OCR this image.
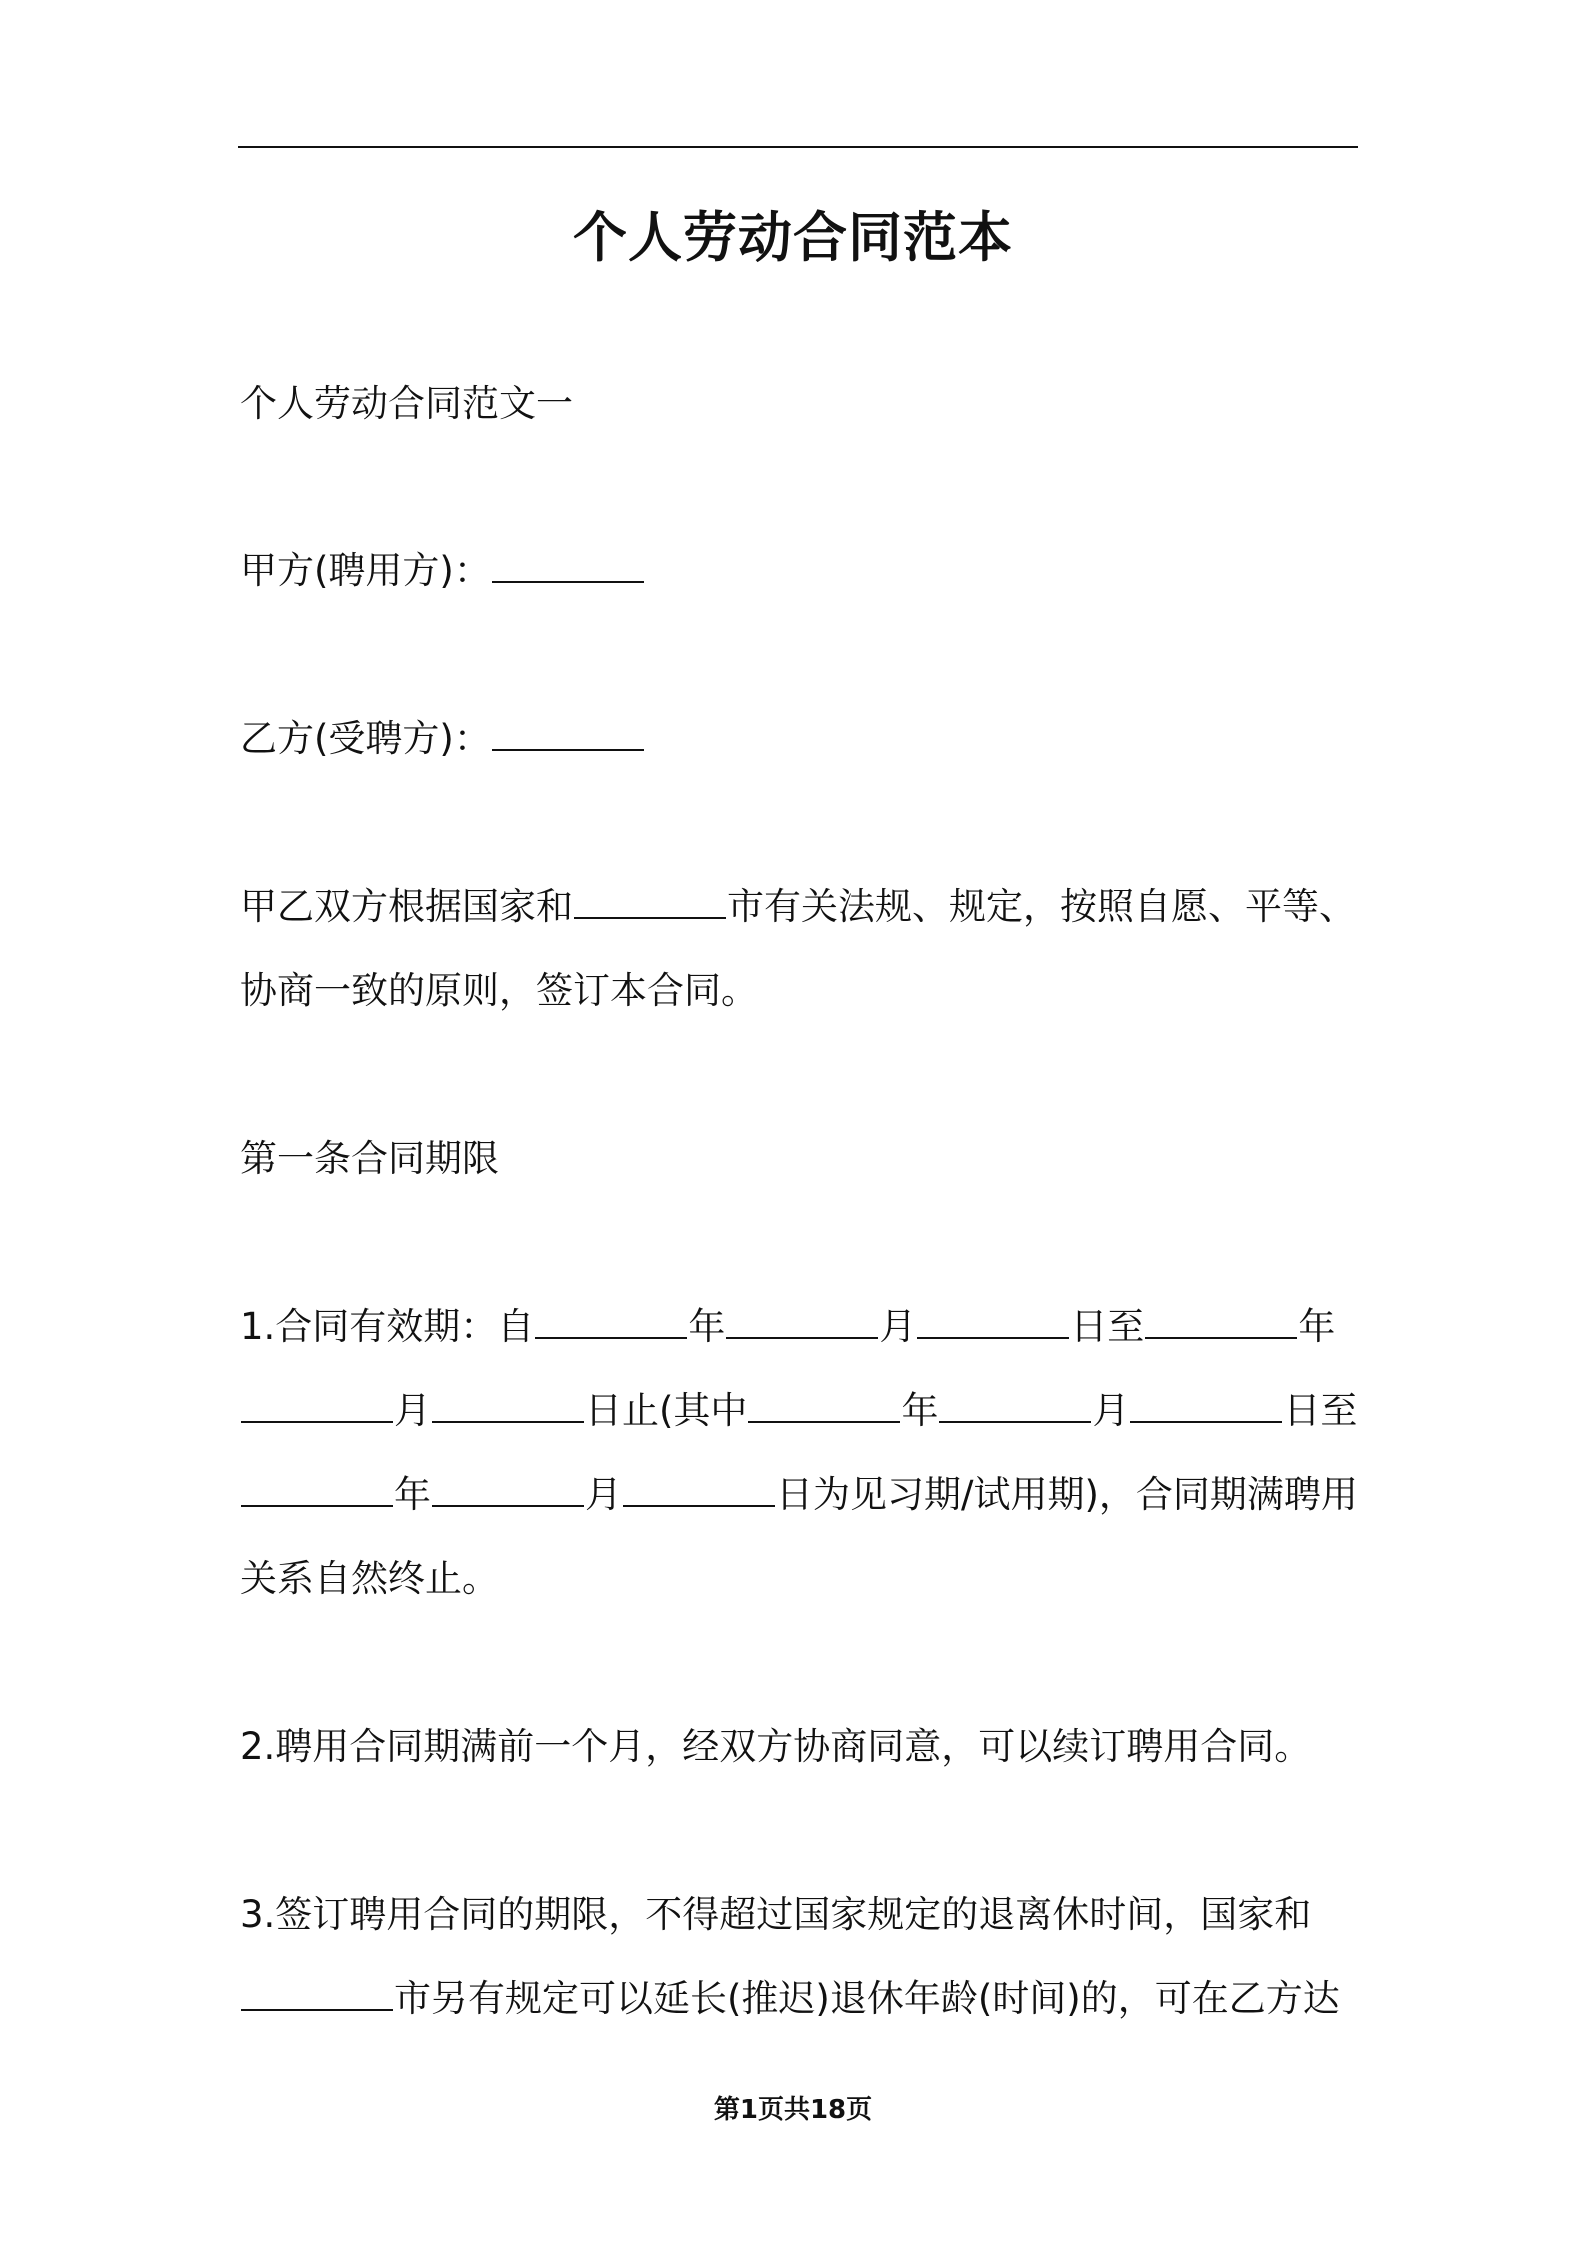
个人劳动合同范本
个人劳动合同范文一
甲方(聘用方)：
乙方(受聘方)：
甲乙双方根据国家和	市有关法规、规定，按照自愿、平等、
协商一致的原则，签订本合同。
第一条合同期限
1.合同有效期：自	年	月	日至	年
月	日止(其中	年	月	日至
年	月	日为见习期/试用期)，合同期满聘用
关系自然终止。
2.聘用合同期满前一个月，经双方协商同意，可以续订聘用合同。
3.签订聘用合同的期限，不得超过国家规定的退离休时间，国家和
市另有规定可以延长(推迟)退休年龄(时间)的，可在乙方达
第1页共18页
